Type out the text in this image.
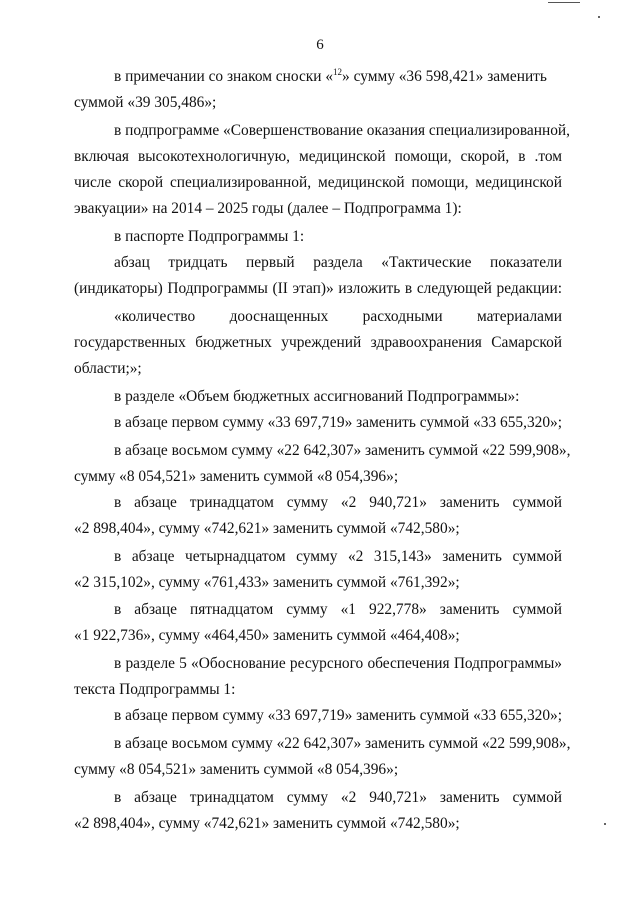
6
в примечании со знаком сноски «$^{12}$» сумму «36 598,421» заменить
суммой «39 305,486»;
в подпрограмме «Совершенствование оказания специализированной,
включая высокотехнологичную, медицинской помощи, скорой, в .том
числе скорой специализированной, медицинской помощи, медицинской
эвакуации» на 2014 – 2025 годы (далее – Подпрограмма 1):
в паспорте Подпрограммы 1:
абзац тридцать первый раздела «Тактические показатели
(индикаторы) Подпрограммы (II этап)» изложить в следующей редакции:
«количество дооснащенных расходными материалами
государственных бюджетных учреждений здравоохранения Самарской
области;»;
в разделе «Объем бюджетных ассигнований Подпрограммы»:
в абзаце первом сумму «33 697,719» заменить суммой «33 655,320»;
в абзаце восьмом сумму «22 642,307» заменить суммой «22 599,908»,
сумму «8 054,521» заменить суммой «8 054,396»;
в абзаце тринадцатом сумму «2 940,721» заменить суммой
«2 898,404», сумму «742,621» заменить суммой «742,580»;
в абзаце четырнадцатом сумму «2 315,143» заменить суммой
«2 315,102», сумму «761,433» заменить суммой «761,392»;
в абзаце пятнадцатом сумму «1 922,778» заменить суммой
«1 922,736», сумму «464,450» заменить суммой «464,408»;
в разделе 5 «Обоснование ресурсного обеспечения Подпрограммы»
текста Подпрограммы 1:
в абзаце первом сумму «33 697,719» заменить суммой «33 655,320»;
в абзаце восьмом сумму «22 642,307» заменить суммой «22 599,908»,
сумму «8 054,521» заменить суммой «8 054,396»;
в абзаце тринадцатом сумму «2 940,721» заменить суммой
«2 898,404», сумму «742,621» заменить суммой «742,580»;
